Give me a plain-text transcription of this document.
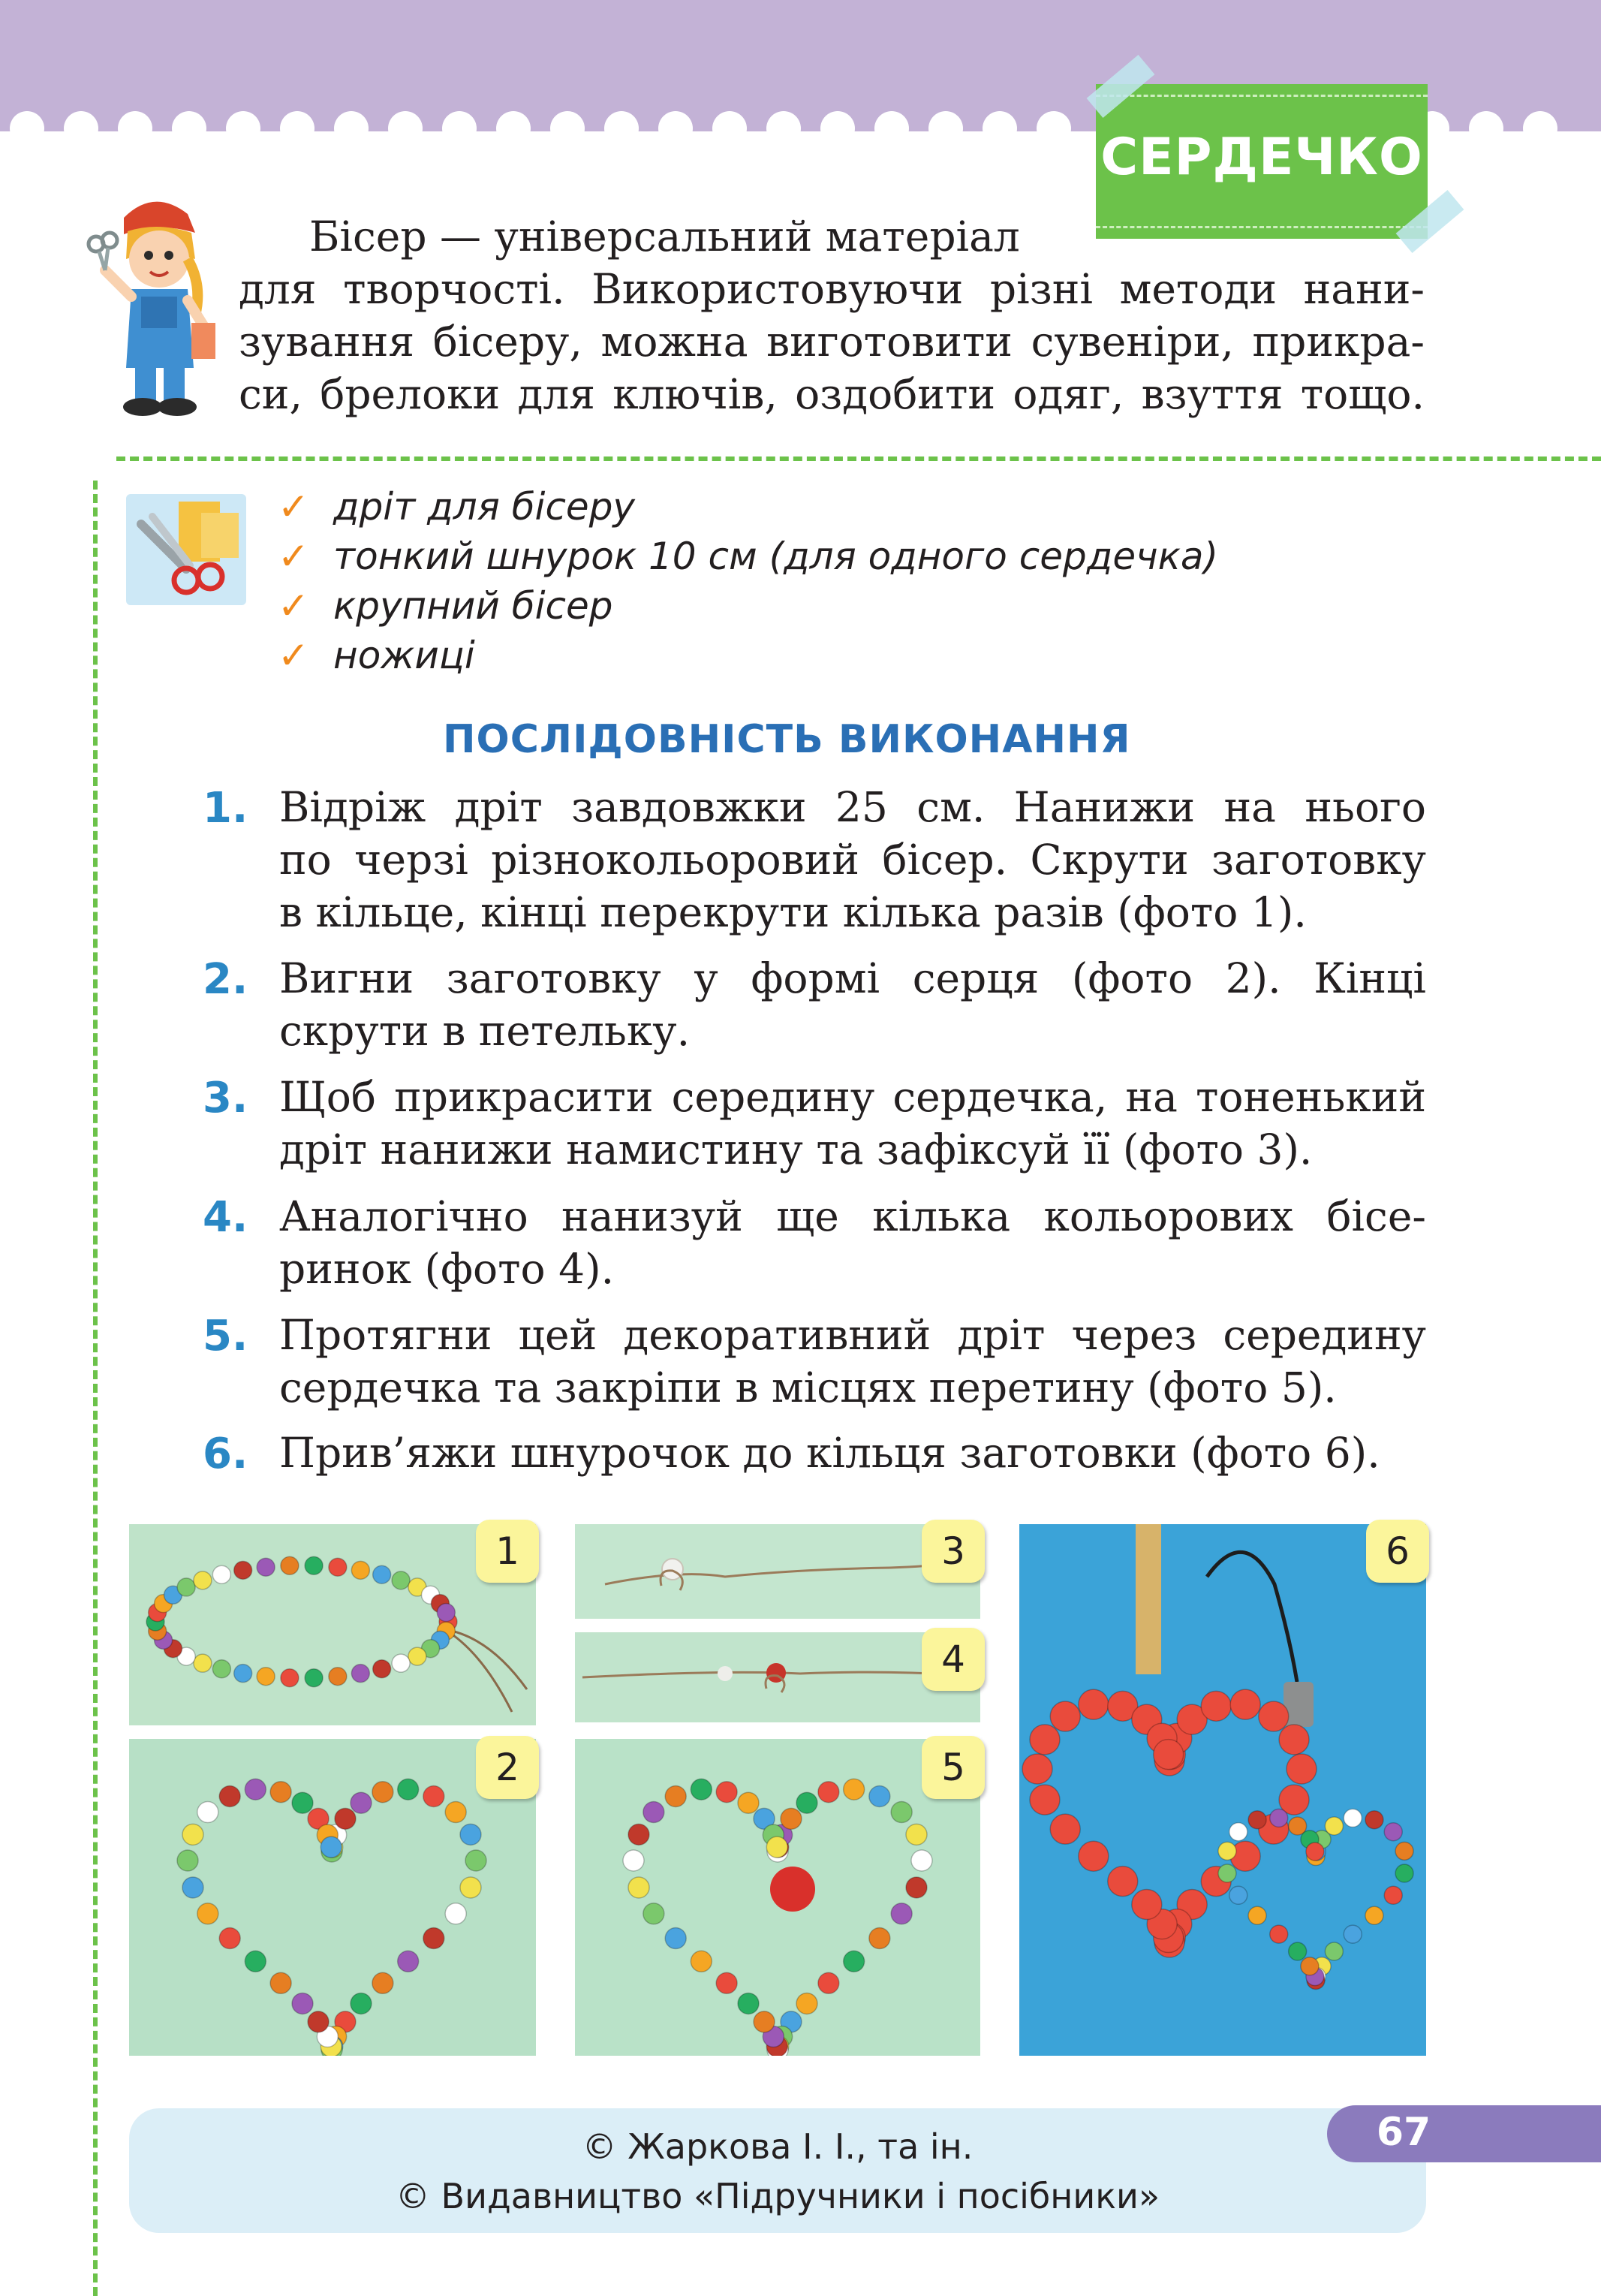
СЕРДЕЧКО
Бісер — універсальний матеріал
для творчості. Використовуючи різні методи нани-
зування бісеру, можна виготовити сувеніри, прикра-
си, брелоки для ключів, оздобити одяг, взуття тощо.
✓ дріт для бісеру
✓ тонкий шнурок 10 см (для одного сердечка)
✓ крупний бісер
✓ ножиці
ПОСЛІДОВНІСТЬ ВИКОНАННЯ
1. Відріж дріт завдовжки 25 см. Нанижи на нього
по черзі різнокольоровий бісер. Скрути заготовку
в кільце, кінці перекрути кілька разів (фото 1).
2. Вигни заготовку у формі серця (фото 2). Кінці
скрути в петельку.
3. Щоб прикрасити середину сердечка, на тоненький
дріт нанижи намистину та зафіксуй її (фото 3).
4. Аналогічно нанизуй ще кілька кольорових бісе-
ринок (фото 4).
5. Протягни цей декоративний дріт через середину
сердечка та закріпи в місцях перетину (фото 5).
6. Прив’яжи шнурочок до кільця заготовки (фото 6).
1
2
3
4
5
6
© Жаркова І. І., та ін.
© Видавництво «Підручники і посібники»
67
